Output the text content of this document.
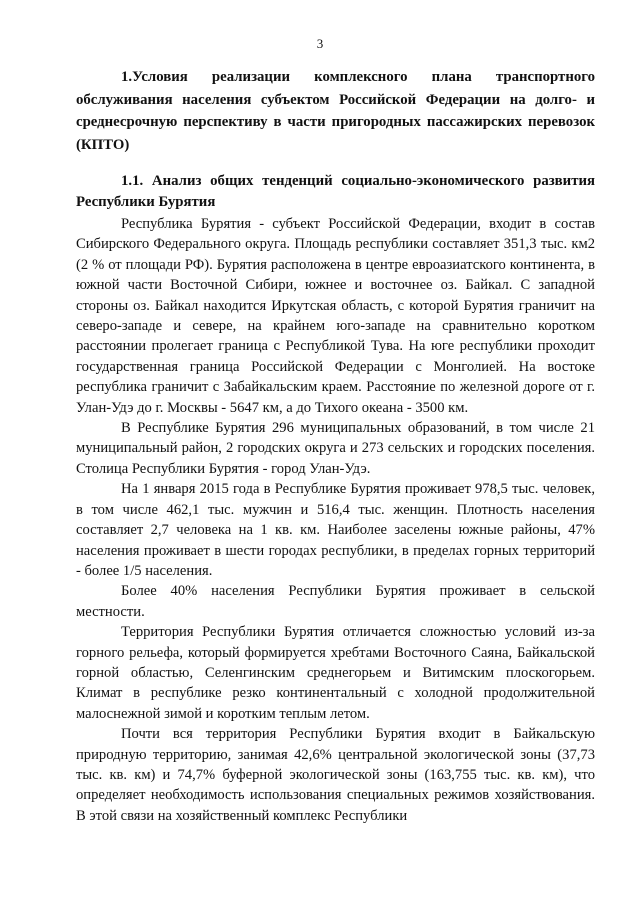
3

1.Условия реализации комплексного плана транспортного обслуживания населения субъектом Российской Федерации на долго- и среднесрочную перспективу в части пригородных пассажирских перевозок (КПТО)

1.1. Анализ общих тенденций социально-экономического развития Республики Бурятия

Республика Бурятия - субъект Российской Федерации, входит в состав Сибирского Федерального округа. Площадь республики составляет 351,3 тыс. км2 (2 % от площади РФ). Бурятия расположена в центре евроазиатского континента, в южной части Восточной Сибири, южнее и восточнее оз. Байкал. С западной стороны оз. Байкал находится Иркутская область, с которой Бурятия граничит на северо-западе и севере, на крайнем юго-западе на сравнительно коротком расстоянии пролегает граница с Республикой Тува. На юге республики проходит государственная граница Российской Федерации с Монголией. На востоке республика граничит с Забайкальским краем. Расстояние по железной дороге от г. Улан-Удэ до г. Москвы - 5647 км, а до Тихого океана - 3500 км.

В Республике Бурятия 296 муниципальных образований, в том числе 21 муниципальный район, 2 городских округа и 273 сельских и городских поселения. Столица Республики Бурятия - город Улан-Удэ.

На 1 января 2015 года в Республике Бурятия проживает 978,5 тыс. человек, в том числе 462,1 тыс. мужчин и 516,4 тыс. женщин. Плотность населения составляет 2,7 человека на 1 кв. км. Наиболее заселены южные районы, 47% населения проживает в шести городах республики, в пределах горных территорий - более 1/5 населения.

Более 40% населения Республики Бурятия проживает в сельской местности.

Территория Республики Бурятия отличается сложностью условий из-за горного рельефа, который формируется хребтами Восточного Саяна, Байкальской горной областью, Селенгинским среднегорьем и Витимским плоскогорьем. Климат в республике резко континентальный с холодной продолжительной малоснежной зимой и коротким теплым летом.

Почти вся территория Республики Бурятия входит в Байкальскую природную территорию, занимая 42,6% центральной экологической зоны (37,73 тыс. кв. км) и 74,7% буферной экологической зоны (163,755 тыс. кв. км), что определяет необходимость использования специальных режимов хозяйствования. В этой связи на хозяйственный комплекс Республики
